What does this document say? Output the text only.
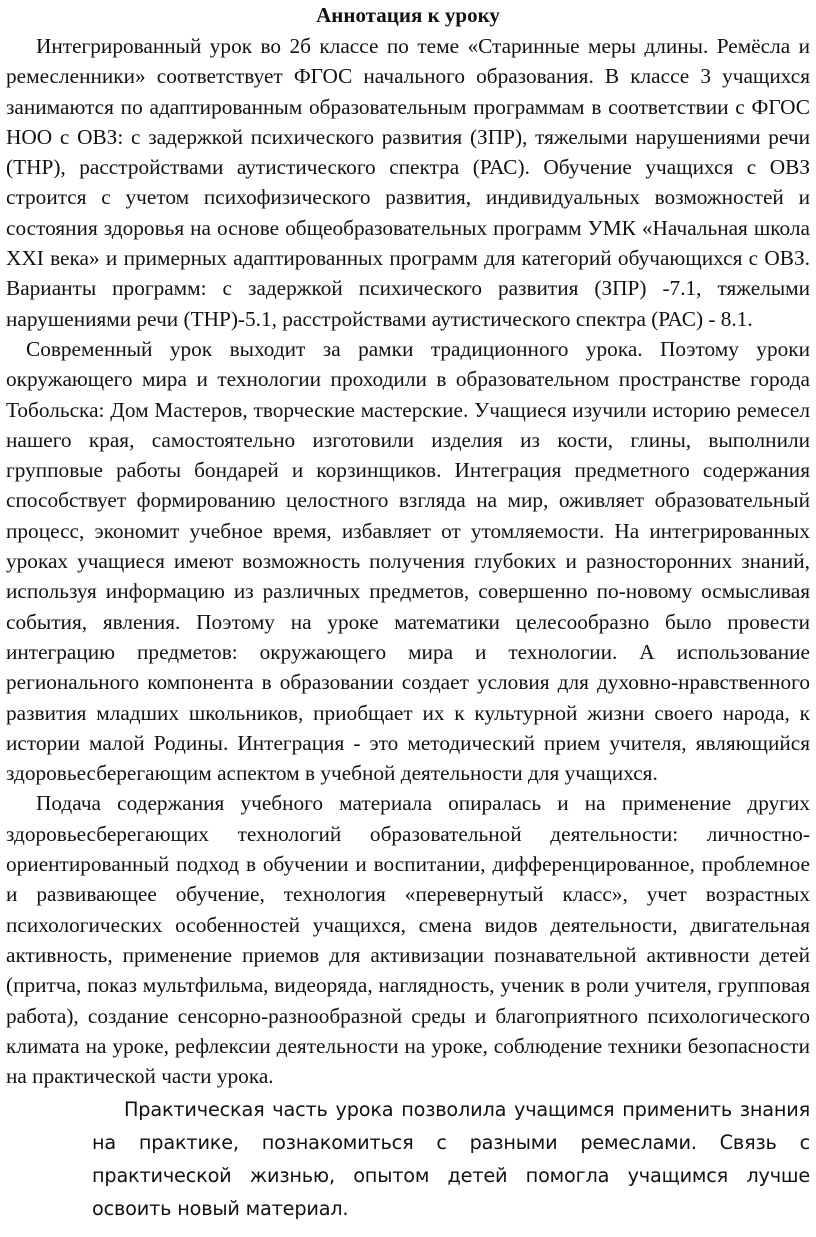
Аннотация к уроку

Интегрированный урок во 2б классе по теме «Старинные меры длины. Ремёсла и ремесленники» соответствует ФГОС начального образования. В классе 3 учащихся занимаются по адаптированным образовательным программам в соответствии с ФГОС НОО с ОВЗ: с задержкой психического развития (ЗПР), тяжелыми нарушениями речи (ТНР), расстройствами аутистического спектра (РАС). Обучение учащихся с ОВЗ строится с учетом психофизического развития, индивидуальных возможностей и состояния здоровья на основе общеобразовательных программ УМК «Начальная школа XXI века» и примерных адаптированных программ для категорий обучающихся с ОВЗ. Варианты программ: с задержкой психического развития (ЗПР) -7.1, тяжелыми нарушениями речи (ТНР)-5.1, расстройствами аутистического спектра (РАС) - 8.1.

Современный урок выходит за рамки традиционного урока. Поэтому уроки окружающего мира и технологии проходили в образовательном пространстве города Тобольска: Дом Мастеров, творческие мастерские. Учащиеся изучили историю ремесел нашего края, самостоятельно изготовили изделия из кости, глины, выполнили групповые работы бондарей и корзинщиков. Интеграция предметного содержания способствует формированию целостного взгляда на мир, оживляет образовательный процесс, экономит учебное время, избавляет от утомляемости. На интегрированных уроках учащиеся имеют возможность получения глубоких и разносторонних знаний, используя информацию из различных предметов, совершенно по-новому осмысливая события, явления. Поэтому на уроке математики целесообразно было провести интеграцию предметов: окружающего мира и технологии. А использование регионального компонента в образовании создает условия для духовно-нравственного развития младших школьников, приобщает их к культурной жизни своего народа, к истории малой Родины. Интеграция - это методический прием учителя, являющийся здоровьесберегающим аспектом в учебной деятельности для учащихся.

Подача содержания учебного материала опиралась и на применение других здоровьесберегающих технологий образовательной деятельности: личностно-ориентированный подход в обучении и воспитании, дифференцированное, проблемное и развивающее обучение, технология «перевернутый класс», учет возрастных психологических особенностей учащихся, смена видов деятельности, двигательная активность, применение приемов для активизации познавательной активности детей (притча, показ мультфильма, видеоряда, наглядность, ученик в роли учителя, групповая работа), создание сенсорно-разнообразной среды и благоприятного психологического климата на уроке, рефлексии деятельности на уроке, соблюдение техники безопасности на практической части урока.

Практическая часть урока позволила учащимся применить знания на практике, познакомиться с разными ремеслами. Связь с практической жизнью, опытом детей помогла учащимся лучше освоить новый материал.
